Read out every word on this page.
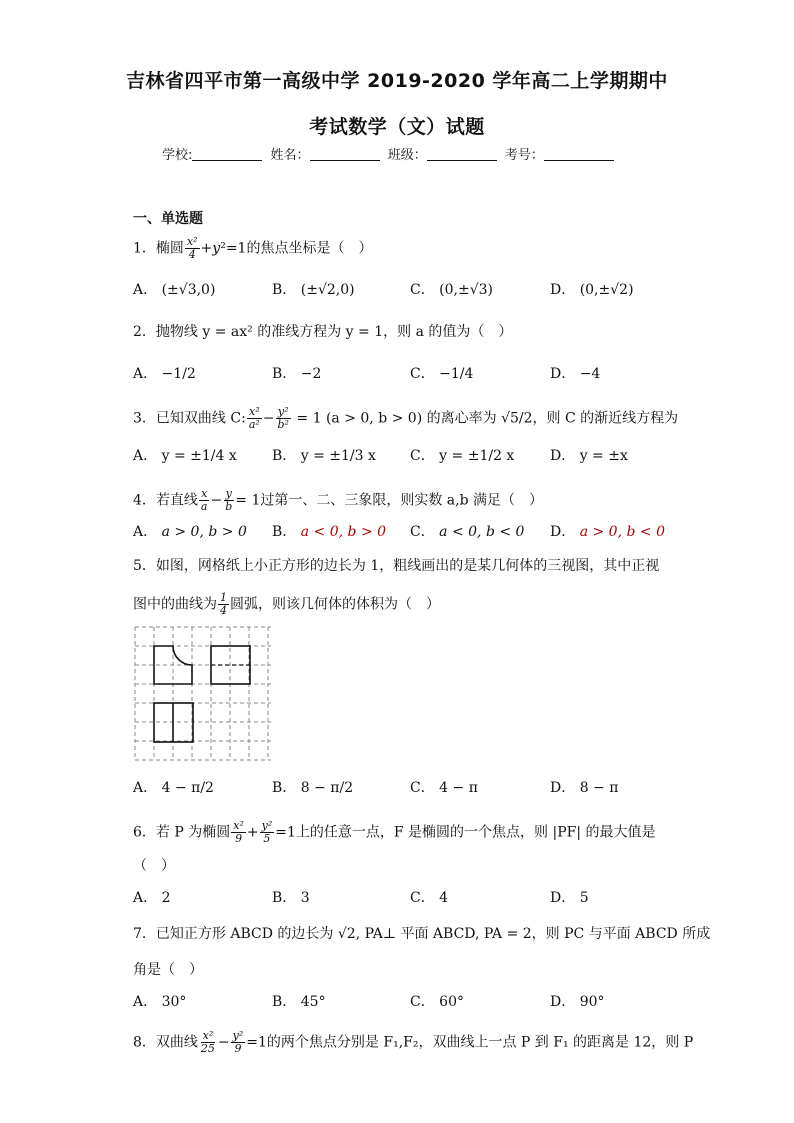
吉林省四平市第一高级中学 2019-2020 学年高二上学期期中
考试数学（文）试题
学校:	姓名：	班级：	考号：
一、单选题
1．椭圆 $\frac{\text{x²}}{4} +y^2=1$的焦点坐标是（　）
A． (±√3,0)	B． (±√2,0)	C． (0,±√3)	D． (0,±√2)
2．抛物线 y = ax² 的准线方程为 y = 1，则 a 的值为（　）
A． −1/2	B． −2	C． −1/4	D． −4
3．已知双曲线 C: $\frac{\text{x²}}{\text{a²}} - \frac{\text{y²}}{\text{b²}} = 1$ (a > 0, b > 0) 的离心率为 √5/2，则 C 的渐近线方程为
A． y = ±1/4 x	B． y = ±1/3 x C． y = ±1/2 x	D． y = ±x
4．若直线 $\frac{x}{a} - \frac{y}{b} = 1$过第一、二、三象限，则实数 a,b 满足（　）
A． a > 0, b > 0 B． a < 0, b > 0 C． a < 0, b < 0 D． a > 0, b < 0
5．如图，网格纸上小正方形的边长为 1，粗线画出的是某几何体的三视图，其中正视
图中的曲线为 $\frac{1}{4}$ 圆弧，则该几何体的体积为（　）
A． 4 − π/2	B． 8 − π/2	C． 4 − π	D． 8 − π
6．若 P 为椭圆 $\frac{\text{x²}}{9} + \frac{\text{y²}}{5} =1$上的任意一点，F 是椭圆的一个焦点，则 |PF| 的最大值是
（　）
A． 2	B． 3	C． 4	D． 5
7．已知正方形 ABCD 的边长为 √2, PA⊥ 平面 ABCD, PA = 2，则 PC 与平面 ABCD 所成
角是（　）
A． 30°	B． 45°	C． 60°	D． 90°
8．双曲线 $\frac{\text{x²}}{25} - \frac{\text{y²}}{9} =1$的两个焦点分别是 F₁,F₂，双曲线上一点 P 到 F₁ 的距离是 12，则 P
